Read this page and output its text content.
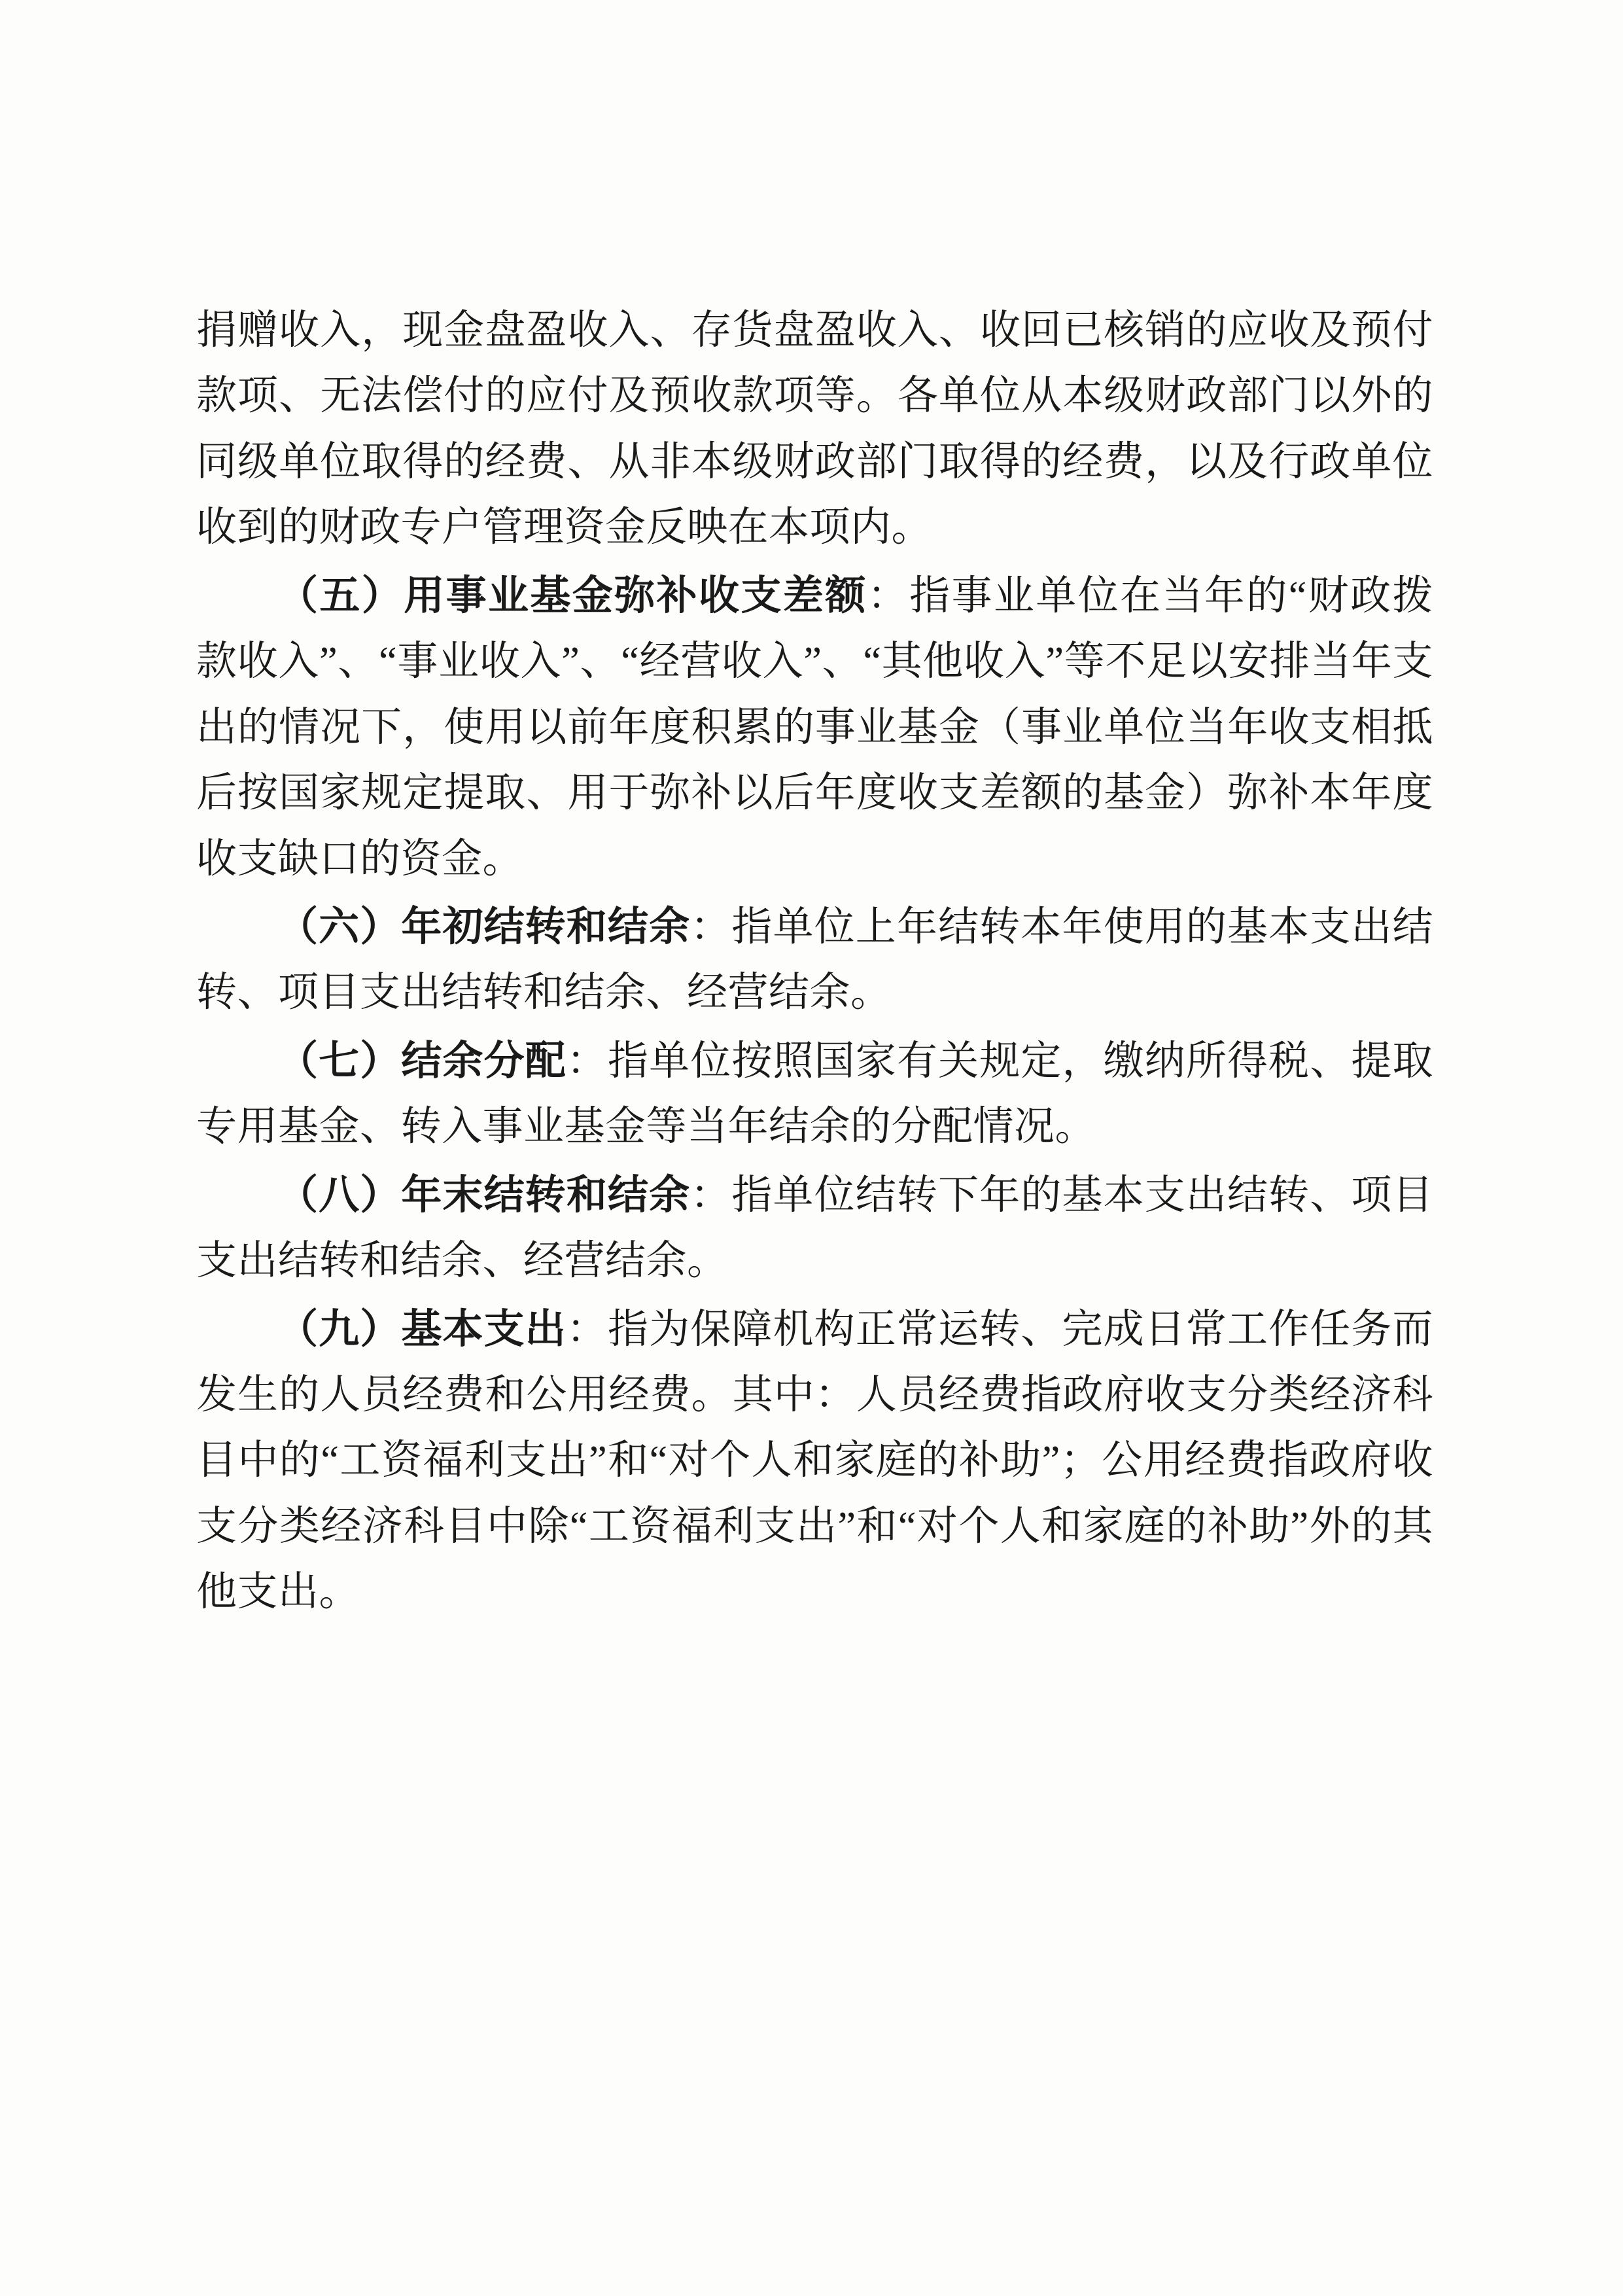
捐赠收入，现金盘盈收入、存货盘盈收入、收回已核销的应收及预付款项、无法偿付的应付及预收款项等。各单位从本级财政部门以外的同级单位取得的经费、从非本级财政部门取得的经费，以及行政单位收到的财政专户管理资金反映在本项内。

（五）用事业基金弥补收支差额：指事业单位在当年的“财政拨款收入”、“事业收入”、“经营收入”、“其他收入”等不足以安排当年支出的情况下，使用以前年度积累的事业基金（事业单位当年收支相抵后按国家规定提取、用于弥补以后年度收支差额的基金）弥补本年度收支缺口的资金。

（六）年初结转和结余：指单位上年结转本年使用的基本支出结转、项目支出结转和结余、经营结余。

（七）结余分配：指单位按照国家有关规定，缴纳所得税、提取专用基金、转入事业基金等当年结余的分配情况。

（八）年末结转和结余：指单位结转下年的基本支出结转、项目支出结转和结余、经营结余。

（九）基本支出：指为保障机构正常运转、完成日常工作任务而发生的人员经费和公用经费。其中：人员经费指政府收支分类经济科目中的“工资福利支出”和“对个人和家庭的补助”；公用经费指政府收支分类经济科目中除“工资福利支出”和“对个人和家庭的补助”外的其他支出。
